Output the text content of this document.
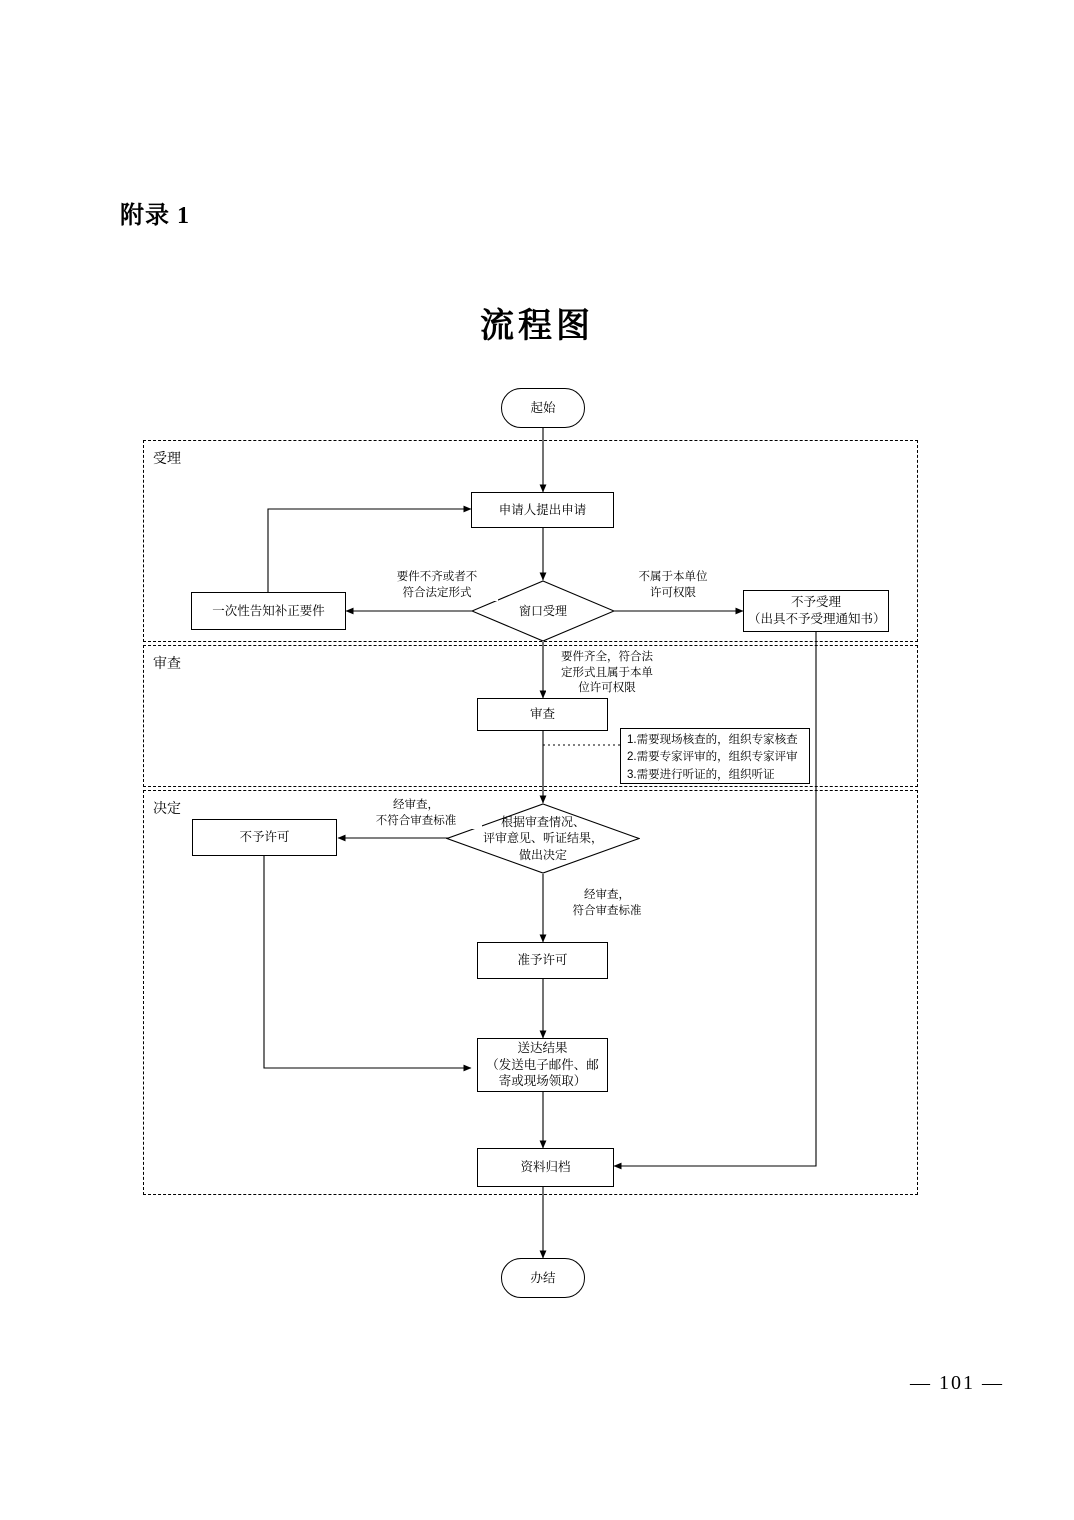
附录 1
流程图
受理
审查
决定
起始
申请人提出申请
窗口受理
一次性告知补正要件
不予受理
（出具不予受理通知书）
审查
1.需要现场核查的，组织专家核查
2.需要专家评审的，组织专家评审
3.需要进行听证的，组织听证
根据审查情况、
评审意见、听证结果，
做出决定
不予许可
准予许可
送达结果
（发送电子邮件、邮
寄或现场领取）
资料归档
办结
要件不齐或者不
符合法定形式
不属于本单位
许可权限
要件齐全，符合法
定形式且属于本单
位许可权限
经审查，
不符合审查标准
经审查，
符合审查标准
— 101 —
